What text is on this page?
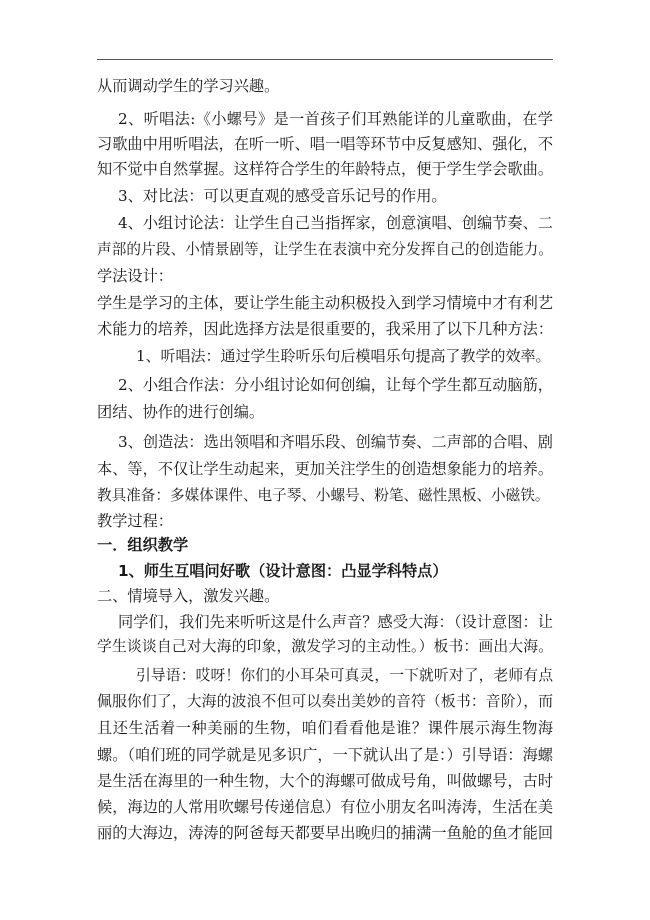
从而调动学生的学习兴趣。
2、听唱法:《小螺号》是一首孩子们耳熟能详的儿童歌曲，在学
习歌曲中用听唱法，在听一听、唱一唱等环节中反复感知、强化，不
知不觉中自然掌握。这样符合学生的年龄特点，便于学生学会歌曲。
3、对比法：可以更直观的感受音乐记号的作用。
4、小组讨论法：让学生自己当指挥家，创意演唱、创编节奏、二
声部的片段、小情景剧等，让学生在表演中充分发挥自己的创造能力。
学法设计：
学生是学习的主体，要让学生能主动积极投入到学习情境中才有利艺
术能力的培养，因此选择方法是很重要的，我采用了以下几种方法：
1、听唱法：通过学生聆听乐句后模唱乐句提高了教学的效率。
2、小组合作法：分小组讨论如何创编，让每个学生都互动脑筋，
团结、协作的进行创编。
3、创造法：选出领唱和齐唱乐段、创编节奏、二声部的合唱、剧
本、等，不仅让学生动起来，更加关注学生的创造想象能力的培养。
教具准备：多媒体课件、电子琴、小螺号、粉笔、磁性黑板、小磁铁。
教学过程：
一．组织教学
1、师生互唱问好歌（设计意图：凸显学科特点）
二、情境导入，激发兴趣。
同学们，我们先来听听这是什么声音？感受大海：（设计意图：让
学生谈谈自己对大海的印象，激发学习的主动性。）板书：画出大海。
引导语：哎呀！你们的小耳朵可真灵，一下就听对了，老师有点
佩服你们了，大海的波浪不但可以奏出美妙的音符（板书：音阶），而
且还生活着一种美丽的生物，咱们看看他是谁？课件展示海生物海
螺。（咱们班的同学就是见多识广，一下就认出了是：）引导语：海螺
是生活在海里的一种生物，大个的海螺可做成号角，叫做螺号，古时
候，海边的人常用吹螺号传递信息）有位小朋友名叫涛涛，生活在美
丽的大海边，涛涛的阿爸每天都要早出晚归的捕满一鱼舱的鱼才能回
